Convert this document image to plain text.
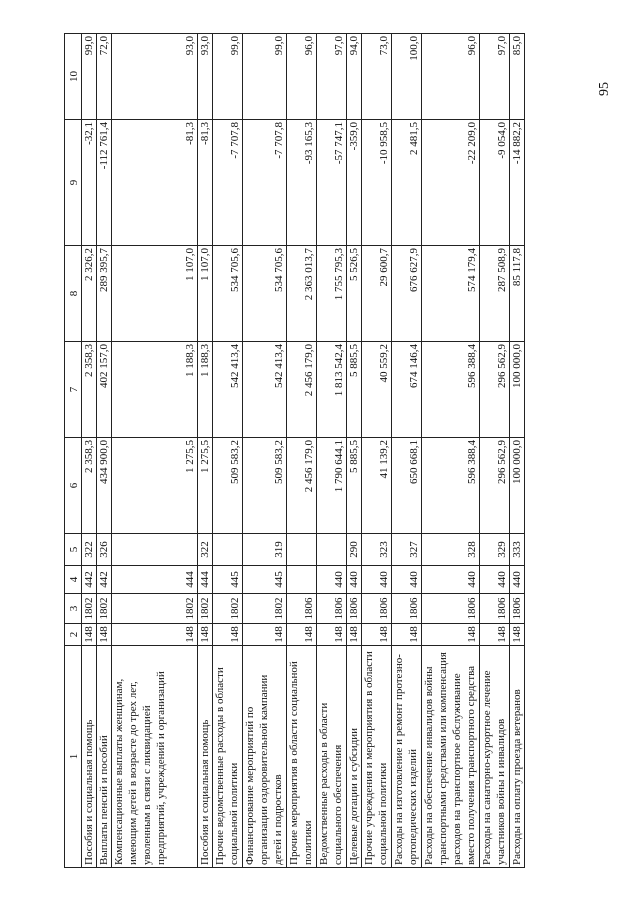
95
1	2	3	4	5	6	7	8	9	10
Пособия и социальная помощь	148	1802	442	322	2 358,3	2 358,3	2 326,2	-32,1	99,0
Выплаты пенсий и пособий	148	1802	442	326	434 900,0	402 157,0	289 395,7	-112 761,4	72,0
Компенсационные выплаты женщинам, имеющим детей в возрасте до трех лет, уволенным в связи с ликвидацией предприятий, учреждений и организаций	148	1802	444		1 275,5	1 188,3	1 107,0	-81,3	93,0
Пособия и социальная помощь	148	1802	444	322	1 275,5	1 188,3	1 107,0	-81,3	93,0
Прочие ведомственные расходы в области социальной политики	148	1802	445		509 583,2	542 413,4	534 705,6	-7 707,8	99,0
Финансирование мероприятий по организации оздоровительной кампании детей и подростков	148	1802	445	319	509 583,2	542 413,4	534 705,6	-7 707,8	99,0
Прочие мероприятия в области социальной политики	148	1806			2 456 179,0	2 456 179,0	2 363 013,7	-93 165,3	96,0
Ведомственные расходы в области социального обеспечения	148	1806	440		1 790 644,1	1 813 542,4	1 755 795,3	-57 747,1	97,0
Целевые дотации и субсидии	148	1806	440	290	5 885,5	5 885,5	5 526,5	-359,0	94,0
Прочие учреждения и мероприятия в области социальной политики	148	1806	440	323	41 139,2	40 559,2	29 600,7	-10 958,5	73,0
Расходы на изготовление и ремонт протезно-ортопедических изделий	148	1806	440	327	650 668,1	674 146,4	676 627,9	2 481,5	100,0
Расходы на обеспечение инвалидов войны транспортными средствами или компенсация расходов на транспортное обслуживание вместо получения транспортного средства	148	1806	440	328	596 388,4	596 388,4	574 179,4	-22 209,0	96,0
Расходы на санаторно-курортное лечение участников войны и инвалидов	148	1806	440	329	296 562,9	296 562,9	287 508,9	-9 054,0	97,0
Расходы на оплату проезда ветеранов	148	1806	440	333	100 000,0	100 000,0	85 117,8	-14 882,2	85,0
